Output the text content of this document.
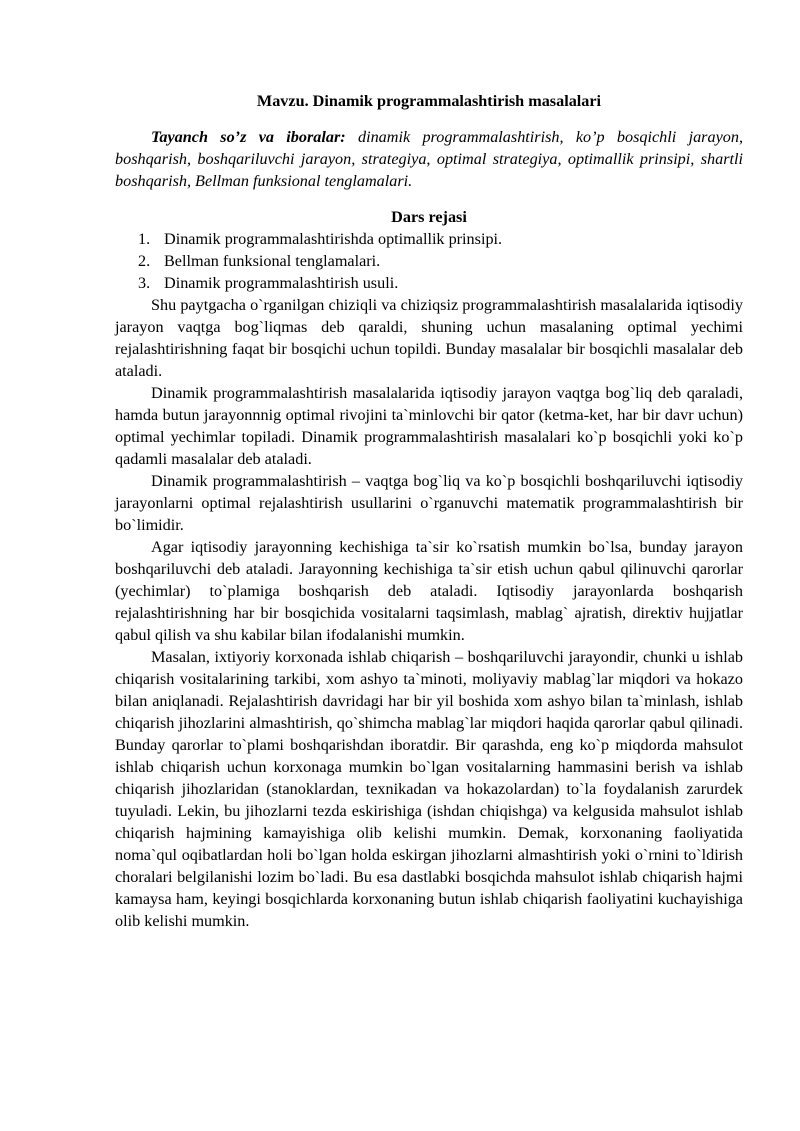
Mavzu. Dinamik programmalashtirish masalalari

Tayanch so’z va iboralar: dinamik programmalashtirish, ko’p bosqichli jarayon, boshqarish, boshqariluvchi jarayon, strategiya, optimal strategiya, optimallik prinsipi, shartli boshqarish, Bellman funksional tenglamalari.

Dars rejasi
1. Dinamik programmalashtirishda optimallik prinsipi.
2. Bellman funksional tenglamalari.
3. Dinamik programmalashtirish usuli.

Shu paytgacha o`rganilgan chiziqli va chiziqsiz programmalashtirish masalalarida iqtisodiy jarayon vaqtga bog`liqmas deb qaraldi, shuning uchun masalaning optimal yechimi rejalashtirishning faqat bir bosqichi uchun topildi. Bunday masalalar bir bosqichli masalalar deb ataladi.

Dinamik programmalashtirish masalalarida iqtisodiy jarayon vaqtga bog`liq deb qaraladi, hamda butun jarayonnnig optimal rivojini ta`minlovchi bir qator (ketma-ket, har bir davr uchun) optimal yechimlar topiladi. Dinamik programmalashtirish masalalari ko`p bosqichli yoki ko`p qadamli masalalar deb ataladi.

Dinamik programmalashtirish – vaqtga bog`liq va ko`p bosqichli boshqariluvchi iqtisodiy jarayonlarni optimal rejalashtirish usullarini o`rganuvchi matematik programmalashtirish bir bo`limidir.

Agar iqtisodiy jarayonning kechishiga ta`sir ko`rsatish mumkin bo`lsa, bunday jarayon boshqariluvchi deb ataladi. Jarayonning kechishiga ta`sir etish uchun qabul qilinuvchi qarorlar (yechimlar) to`plamiga boshqarish deb ataladi. Iqtisodiy jarayonlarda boshqarish rejalashtirishning har bir bosqichida vositalarni taqsimlash, mablag` ajratish, direktiv hujjatlar qabul qilish va shu kabilar bilan ifodalanishi mumkin.

Masalan, ixtiyoriy korxonada ishlab chiqarish – boshqariluvchi jarayondir, chunki u ishlab chiqarish vositalarining tarkibi, xom ashyo ta`minoti, moliyaviy mablag`lar miqdori va hokazo bilan aniqlanadi. Rejalashtirish davridagi har bir yil boshida xom ashyo bilan ta`minlash, ishlab chiqarish jihozlarini almashtirish, qo`shimcha mablag`lar miqdori haqida qarorlar qabul qilinadi. Bunday qarorlar to`plami boshqarishdan iboratdir. Bir qarashda, eng ko`p miqdorda mahsulot ishlab chiqarish uchun korxonaga mumkin bo`lgan vositalarning hammasini berish va ishlab chiqarish jihozlaridan (stanoklardan, texnikadan va hokazolardan) to`la foydalanish zarurdek tuyuladi. Lekin, bu jihozlarni tezda eskirishiga (ishdan chiqishga) va kelgusida mahsulot ishlab chiqarish hajmining kamayishiga olib kelishi mumkin. Demak, korxonaning faoliyatida noma`qul oqibatlardan holi bo`lgan holda eskirgan jihozlarni almashtirish yoki o`rnini to`ldirish choralari belgilanishi lozim bo`ladi. Bu esa dastlabki bosqichda mahsulot ishlab chiqarish hajmi kamaysa ham, keyingi bosqichlarda korxonaning butun ishlab chiqarish faoliyatini kuchayishiga olib kelishi mumkin.
